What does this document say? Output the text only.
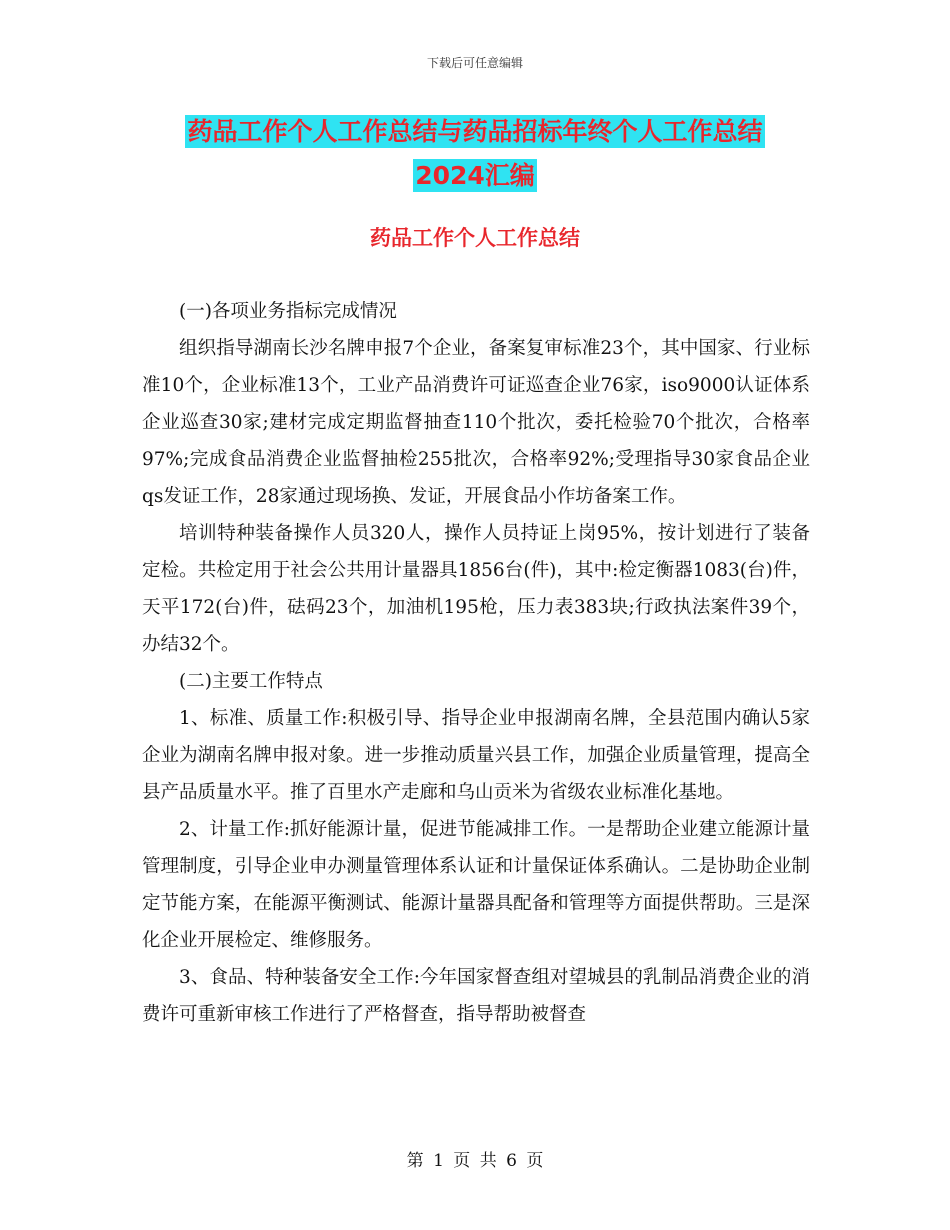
下载后可任意编辑
药品工作个人工作总结与药品招标年终个人工作总结
2024汇编
药品工作个人工作总结

(一)各项业务指标完成情况

组织指导湖南长沙名牌申报7个企业，备案复审标准23个，其中国家、行业标准10个，企业标准13个，工业产品消费许可证巡查企业76家，iso9000认证体系企业巡查30家;建材完成定期监督抽查110个批次，委托检验70个批次，合格率97%;完成食品消费企业监督抽检255批次，合格率92%;受理指导30家食品企业qs发证工作，28家通过现场换、发证，开展食品小作坊备案工作。

培训特种装备操作人员320人，操作人员持证上岗95%，按计划进行了装备定检。共检定用于社会公共用计量器具1856台(件)，其中:检定衡器1083(台)件，天平172(台)件，砝码23个，加油机195枪，压力表383块;行政执法案件39个，办结32个。

(二)主要工作特点

1、标准、质量工作:积极引导、指导企业申报湖南名牌，全县范围内确认5家企业为湖南名牌申报对象。进一步推动质量兴县工作，加强企业质量管理，提高全县产品质量水平。推了百里水产走廊和乌山贡米为省级农业标准化基地。

2、计量工作:抓好能源计量，促进节能减排工作。一是帮助企业建立能源计量管理制度，引导企业申办测量管理体系认证和计量保证体系确认。二是协助企业制定节能方案，在能源平衡测试、能源计量器具配备和管理等方面提供帮助。三是深化企业开展检定、维修服务。

3、食品、特种装备安全工作:今年国家督查组对望城县的乳制品消费企业的消费许可重新审核工作进行了严格督查，指导帮助被督查

第 1 页 共 6 页
